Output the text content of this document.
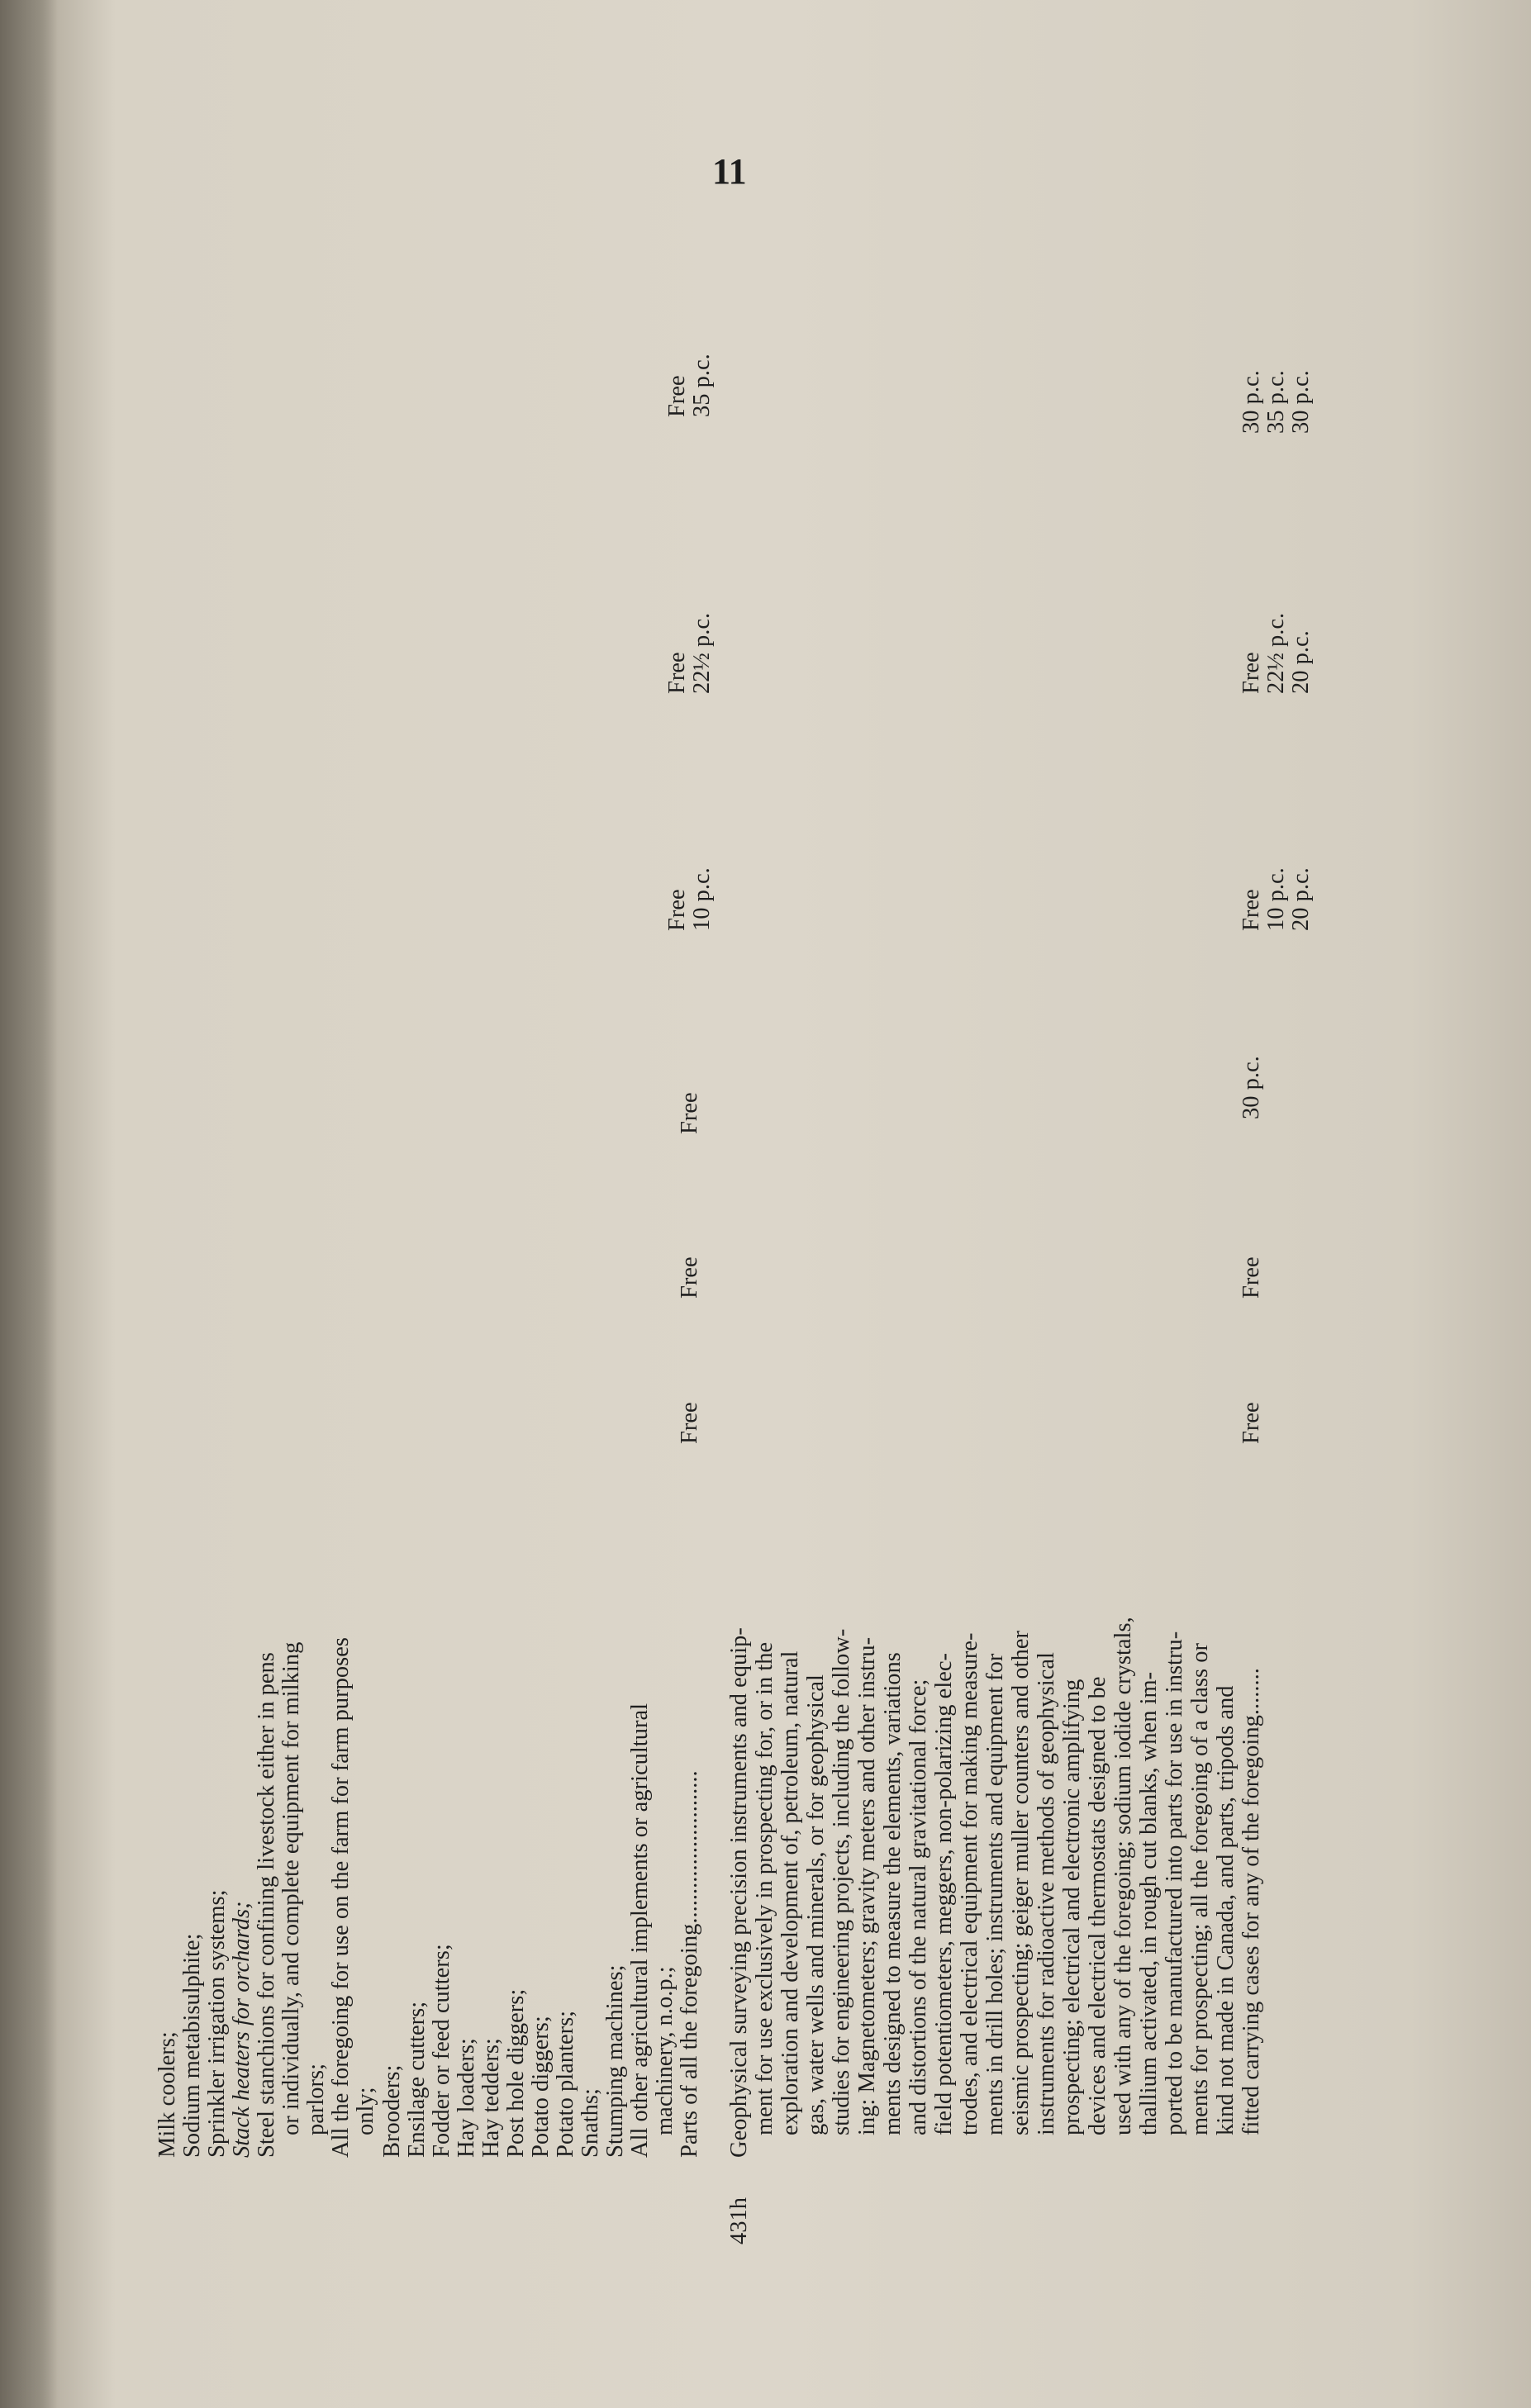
11
Milk coolers; Sodium metabisulphite; Sprinkler irrigation systems; Stack heaters for orchards; Steel stanchions for confining livestock either in pens or individually, and complete equipment for milking parlors; All the foregoing for use on the farm for farm purposes only; Brooders; Ensilage cutters; Fodder or feed cutters; Hay loaders; Hay tedders; Post hole diggers; Potato diggers; Potato planters; Snaths; Stumping machines; All other agricultural implements or agricultural machinery, n.o.p.; Parts of all the foregoing..........................
Free
Free
Free
Free
10 p.c.
Free
22½ p.c.
Free
35 p.c.
431h
Geophysical surveying precision instruments and equip- ment for use exclusively in prospecting for, or in the exploration and development of, petroleum, natural gas, water wells and minerals, or for geophysical studies for engineering projects, including the follow- ing: Magnetometers; gravity meters and other instru- ments designed to measure the elements, variations and distortions of the natural gravitational force; field potentiometers, meggers, non-polarizing elec- trodes, and electrical equipment for making measure- ments in drill holes; instruments and equipment for seismic prospecting; geiger muller counters and other instruments for radioactive methods of geophysical prospecting; electrical and electronic amplifying devices and electrical thermostats designed to be used with any of the foregoing; sodium iodide crystals, thallium activated, in rough cut blanks, when im- ported to be manufactured into parts for use in instru- ments for prospecting; all the foregoing of a class or kind not made in Canada, and parts, tripods and fitted carrying cases for any of the foregoing........
Free
Free
30 p.c.
Free
10 p.c.
20 p.c.
Free
22½ p.c.
20 p.c.
30 p.c.
35 p.c.
30 p.c.
